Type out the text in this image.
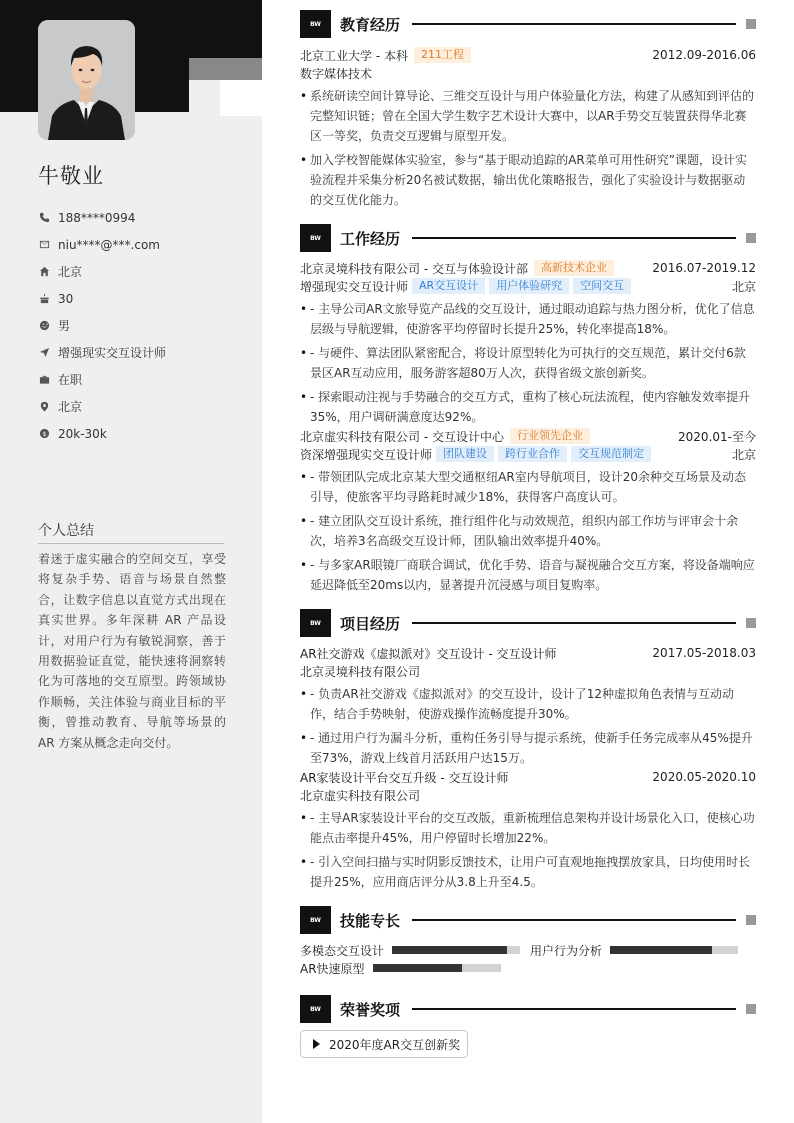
牛敬业
188****0994
niu****@***.com
北京
30
男
增强现实交互设计师
在职
北京
$ 20k-30k
个人总结
着迷于虚实融合的空间交互，享受将复杂手势、语音与场景自然整合，让数字信息以直觉方式出现在真实世界。多年深耕 AR 产品设计，对用户行为有敏锐洞察，善于用数据验证直觉，能快速将洞察转化为可落地的交互原型。跨领域协作顺畅，关注体验与商业目标的平衡，曾推动教育、导航等场景的 AR 方案从概念走向交付。
BW	教育经历
北京工业大学 - 本科	211工程	2012.09-2016.06
数字媒体技术
• 系统研读空间计算导论、三维交互设计与用户体验量化方法，构建了从感知到评估的完整知识链；曾在全国大学生数字艺术设计大赛中，以AR手势交互装置获得华北赛区一等奖，负责交互逻辑与原型开发。
• 加入学校智能媒体实验室，参与“基于眼动追踪的AR菜单可用性研究”课题，设计实验流程并采集分析20名被试数据，输出优化策略报告，强化了实验设计与数据驱动的交互优化能力。
BW	工作经历
北京灵境科技有限公司 - 交互与体验设计部	高新技术企业	2016.07-2019.12
增强现实交互设计师	AR交互设计	用户体验研究	空间交互	北京
• - 主导公司AR文旅导览产品线的交互设计，通过眼动追踪与热力图分析，优化了信息层级与导航逻辑，使游客平均停留时长提升25%，转化率提高18%。
• - 与硬件、算法团队紧密配合，将设计原型转化为可执行的交互规范，累计交付6款景区AR互动应用，服务游客超80万人次，获得省级文旅创新奖。
• - 探索眼动注视与手势融合的交互方式，重构了核心玩法流程，使内容触发效率提升35%，用户调研满意度达92%。
北京虚实科技有限公司 - 交互设计中心	行业领先企业	2020.01-至今
资深增强现实交互设计师	团队建设	跨行业合作	交互规范制定	北京
• - 带领团队完成北京某大型交通枢纽AR室内导航项目，设计20余种交互场景及动态引导，使旅客平均寻路耗时减少18%，获得客户高度认可。
• - 建立团队交互设计系统，推行组件化与动效规范，组织内部工作坊与评审会十余次，培养3名高级交互设计师，团队输出效率提升40%。
• - 与多家AR眼镜厂商联合调试，优化手势、语音与凝视融合交互方案，将设备端响应延迟降低至20ms以内，显著提升沉浸感与项目复购率。
BW	项目经历
AR社交游戏《虚拟派对》交互设计 - 交互设计师	2017.05-2018.03
北京灵境科技有限公司
• - 负责AR社交游戏《虚拟派对》的交互设计，设计了12种虚拟角色表情与互动动作，结合手势映射，使游戏操作流畅度提升30%。
• - 通过用户行为漏斗分析，重构任务引导与提示系统，使新手任务完成率从45%提升至73%，游戏上线首月活跃用户达15万。
AR家装设计平台交互升级 - 交互设计师	2020.05-2020.10
北京虚实科技有限公司
• - 主导AR家装设计平台的交互改版，重新梳理信息架构并设计场景化入口，使核心功能点击率提升45%，用户停留时长增加22%。
• - 引入空间扫描与实时阴影反馈技术，让用户可直观地拖拽摆放家具，日均使用时长提升25%，应用商店评分从3.8上升至4.5。
BW	技能专长
多模态交互设计	用户行为分析
AR快速原型
BW	荣誉奖项
2020年度AR交互创新奖
